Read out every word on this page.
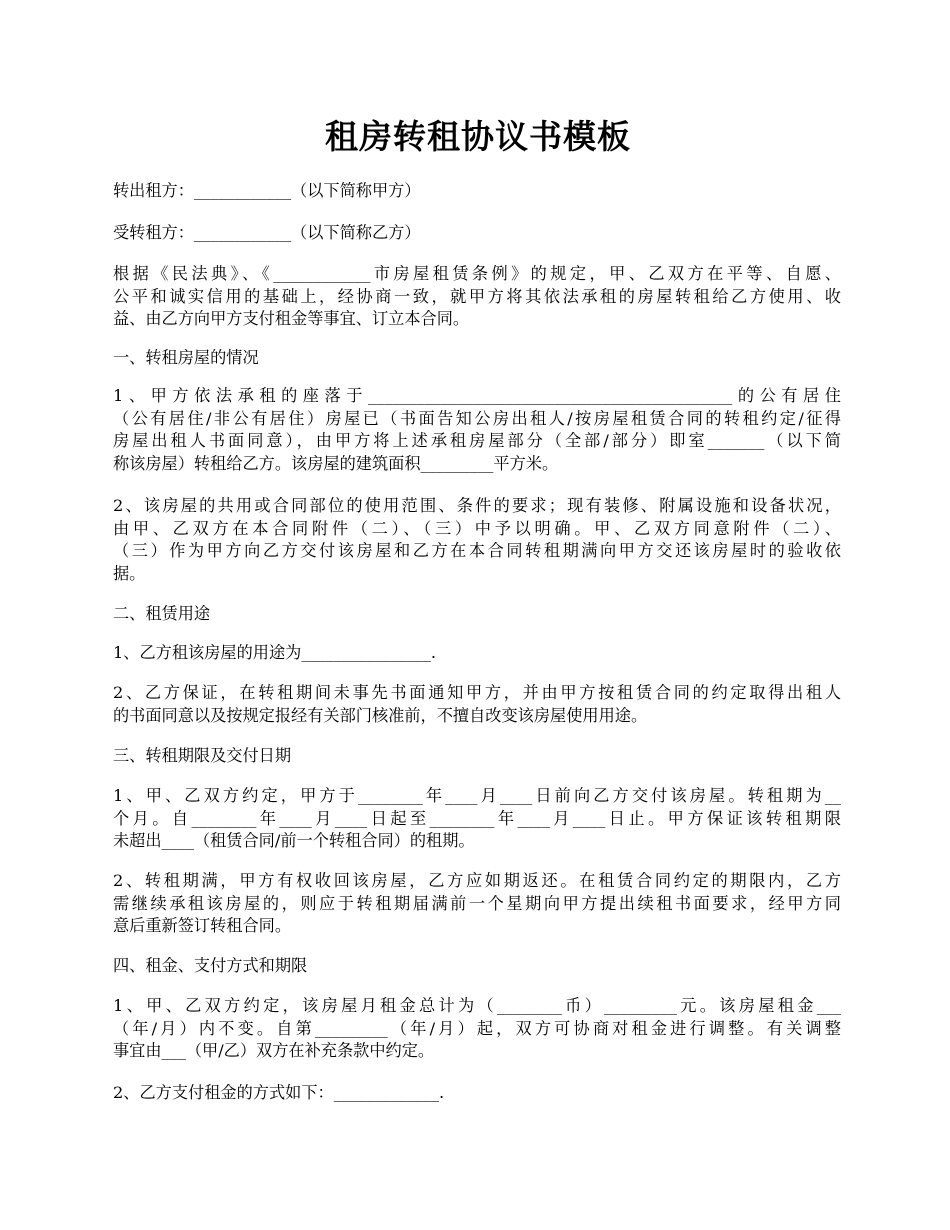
租房转租协议书模板

转出租方：____________（以下简称甲方）

受转租方：____________（以下简称乙方）

根据《民法典》、《____________市房屋租赁条例》的规定，甲、乙双方在平等、自愿、
公平和诚实信用的基础上，经协商一致，就甲方将其依法承租的房屋转租给乙方使用、收
益、由乙方向甲方支付租金等事宜、订立本合同。

一、转租房屋的情况

1、甲方依法承租的座落于_____________________________________________的公有居住
（公有居住/非公有居住）房屋已（书面告知公房出租人/按房屋租赁合同的转租约定/征得
房屋出租人书面同意），由甲方将上述承租房屋部分（全部/部分）即室_______（以下简
称该房屋）转租给乙方。该房屋的建筑面积_________平方米。
2、该房屋的共用或合同部位的使用范围、条件的要求；现有装修、附属设施和设备状况，
由甲、乙双方在本合同附件（二）、（三）中予以明确。甲、乙双方同意附件（二）、
（三）作为甲方向乙方交付该房屋和乙方在本合同转租期满向甲方交还该房屋时的验收依
据。

二、租赁用途

1、乙方租该房屋的用途为________________.

2、乙方保证，在转租期间未事先书面通知甲方，并由甲方按租赁合同的约定取得出租人
的书面同意以及按规定报经有关部门核准前，不擅自改变该房屋使用用途。

三、转租期限及交付日期

1、甲、乙双方约定，甲方于________年____月____日前向乙方交付该房屋。转租期为__
个月。自________年____月____日起至________年____月____日止。甲方保证该转租期限
未超出____（租赁合同/前一个转租合同）的租期。
2、转租期满，甲方有权收回该房屋，乙方应如期返还。在租赁合同约定的期限内，乙方
需继续承租该房屋的，则应于转租期届满前一个星期向甲方提出续租书面要求，经甲方同
意后重新签订转租合同。

四、租金、支付方式和期限

1、甲、乙双方约定，该房屋月租金总计为（________币）_________元。该房屋租金___
（年/月）内不变。自第_________（年/月）起，双方可协商对租金进行调整。有关调整
事宜由___（甲/乙）双方在补充条款中约定。

2、乙方支付租金的方式如下：_____________.
